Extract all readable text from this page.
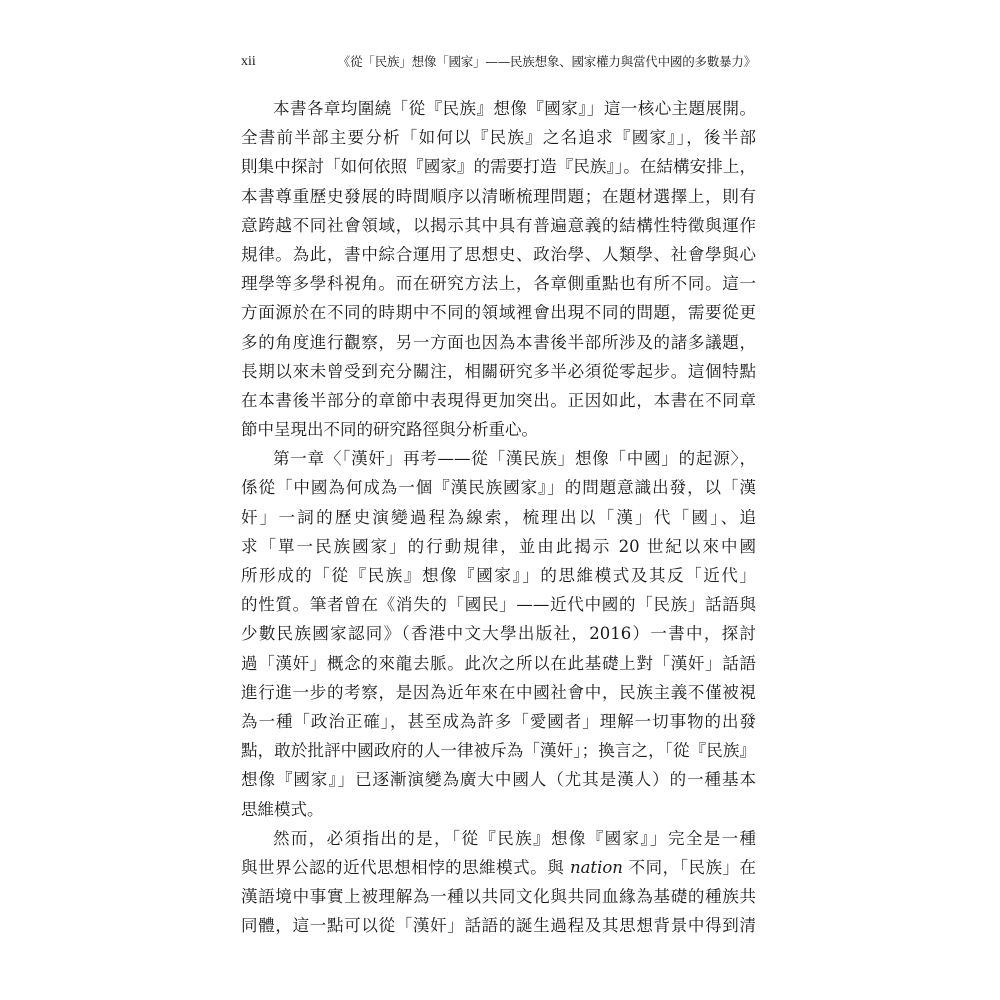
xii	《從「民族」想像「國家」——民族想象、國家權力與當代中國的多數暴力》
本書各章均圍繞「從『民族』想像『國家』」這一核心主題展開。
全書前半部主要分析「如何以『民族』之名追求『國家』」，後半部
則集中探討「如何依照『國家』的需要打造『民族』」。在結構安排上，
本書尊重歷史發展的時間順序以清晰梳理問題；在題材選擇上，則有
意跨越不同社會領域，以揭示其中具有普遍意義的結構性特徵與運作
規律。為此，書中綜合運用了思想史、政治學、人類學、社會學與心
理學等多學科視角。而在研究方法上，各章側重點也有所不同。這一
方面源於在不同的時期中不同的領域裡會出現不同的問題，需要從更
多的角度進行觀察，另一方面也因為本書後半部所涉及的諸多議題，
長期以來未曾受到充分關注，相關研究多半必須從零起步。這個特點
在本書後半部分的章節中表現得更加突出。正因如此，本書在不同章
節中呈現出不同的研究路徑與分析重心。
第一章〈「漢奸」再考——從「漢民族」想像「中國」的起源〉，
係從「中國為何成為一個『漢民族國家』」的問題意識出發，以「漢
奸」一詞的歷史演變過程為線索，梳理出以「漢」代「國」、追
求「單一民族國家」的行動規律，並由此揭示 20 世紀以來中國
所形成的「從『民族』想像『國家』」的思維模式及其反「近代」
的性質。筆者曾在《消失的「國民」——近代中國的「民族」話語與
少數民族國家認同》（香港中文大學出版社，2016）一書中，探討
過「漢奸」概念的來龍去脈。此次之所以在此基礎上對「漢奸」話語
進行進一步的考察，是因為近年來在中國社會中，民族主義不僅被視
為一種「政治正確」，甚至成為許多「愛國者」理解一切事物的出發
點，敢於批評中國政府的人一律被斥為「漢奸」；換言之，「從『民族』
想像『國家』」已逐漸演變為廣大中國人（尤其是漢人）的一種基本
思維模式。
然而，必須指出的是，「從『民族』想像『國家』」完全是一種
與世界公認的近代思想相悖的思維模式。與 nation 不同，「民族」在
漢語境中事實上被理解為一種以共同文化與共同血緣為基礎的種族共
同體，這一點可以從「漢奸」話語的誕生過程及其思想背景中得到清
